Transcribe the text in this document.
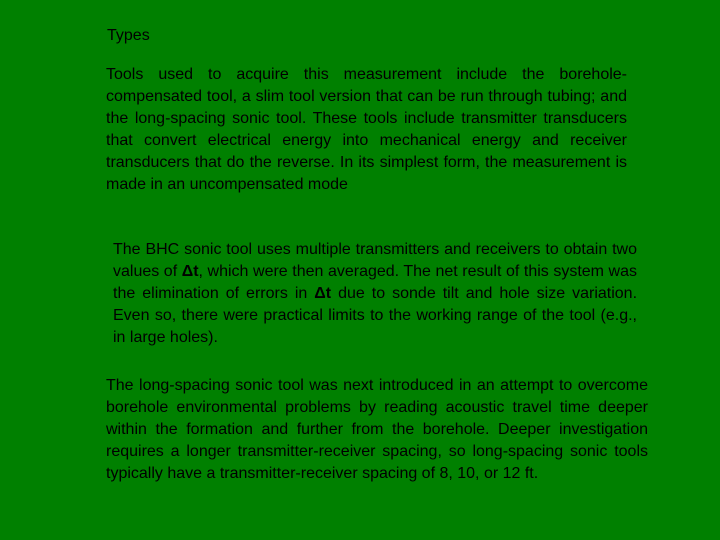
Types

Tools used to acquire this measurement include the borehole-compensated tool, a slim tool version that can be run through tubing; and the long-spacing sonic tool. These tools include transmitter transducers that convert electrical energy into mechanical energy and receiver transducers that do the reverse. In its simplest form, the measurement is made in an uncompensated mode

The BHC sonic tool uses multiple transmitters and receivers to obtain two values of Δt, which were then averaged. The net result of this system was the elimination of errors in Δt due to sonde tilt and hole size variation. Even so, there were practical limits to the working range of the tool (e.g., in large holes).

The long-spacing sonic tool was next introduced in an attempt to overcome borehole environmental problems by reading acoustic travel time deeper within the formation and further from the borehole. Deeper investigation requires a longer transmitter-receiver spacing, so long-spacing sonic tools typically have a transmitter-receiver spacing of 8, 10, or 12 ft.
